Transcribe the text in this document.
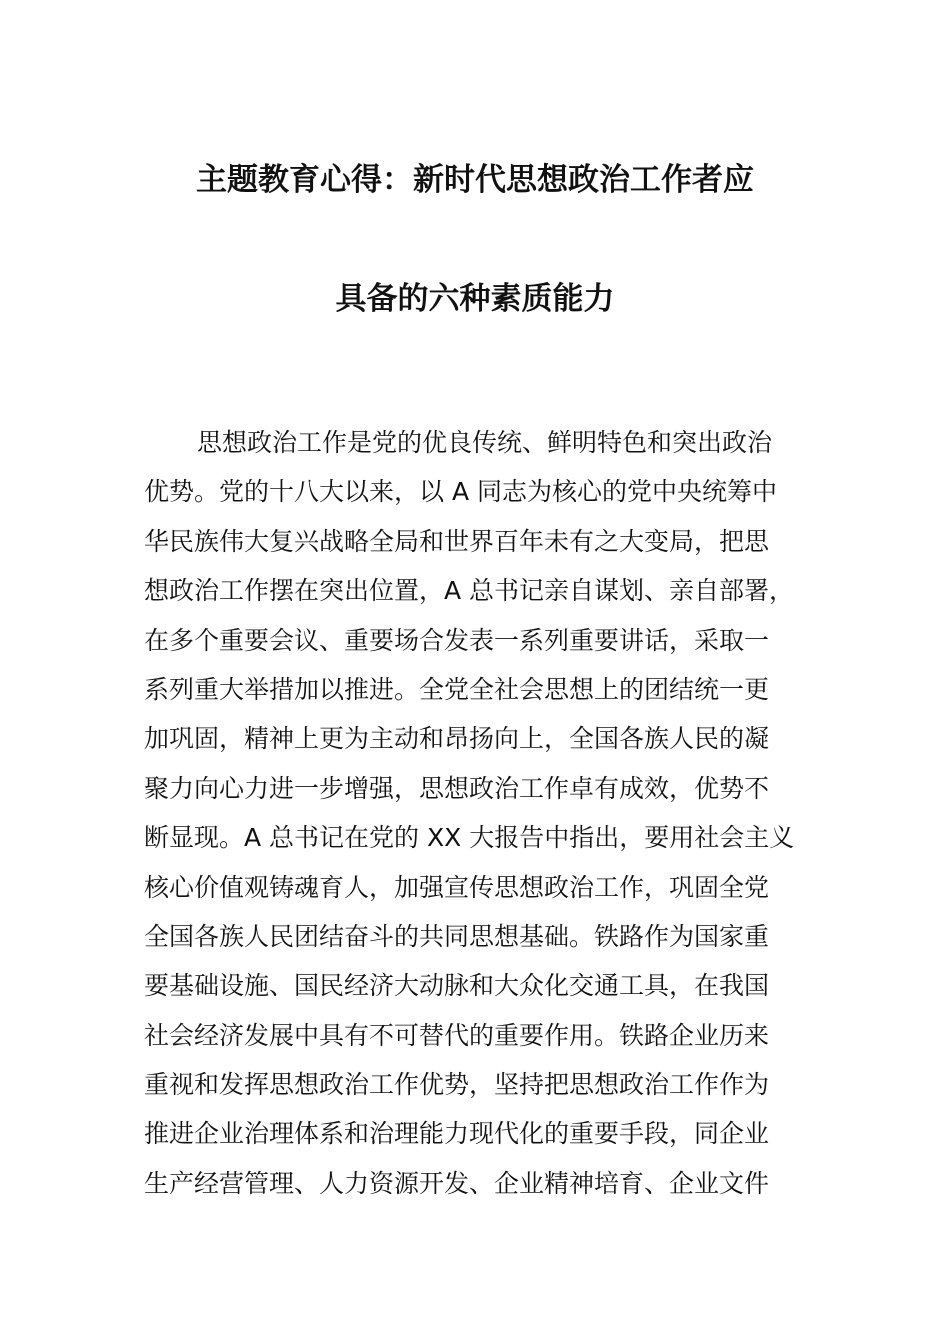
主题教育心得：新时代思想政治工作者应
具备的六种素质能力
思想政治工作是党的优良传统、鲜明特色和突出政治
优势。党的十八大以来，以 A 同志为核心的党中央统筹中
华民族伟大复兴战略全局和世界百年未有之大变局，把思
想政治工作摆在突出位置，A 总书记亲自谋划、亲自部署，
在多个重要会议、重要场合发表一系列重要讲话，采取一
系列重大举措加以推进。全党全社会思想上的团结统一更
加巩固，精神上更为主动和昂扬向上，全国各族人民的凝
聚力向心力进一步增强，思想政治工作卓有成效，优势不
断显现。A 总书记在党的 XX 大报告中指出，要用社会主义
核心价值观铸魂育人，加强宣传思想政治工作，巩固全党
全国各族人民团结奋斗的共同思想基础。铁路作为国家重
要基础设施、国民经济大动脉和大众化交通工具，在我国
社会经济发展中具有不可替代的重要作用。铁路企业历来
重视和发挥思想政治工作优势，坚持把思想政治工作作为
推进企业治理体系和治理能力现代化的重要手段，同企业
生产经营管理、人力资源开发、企业精神培育、企业文件
